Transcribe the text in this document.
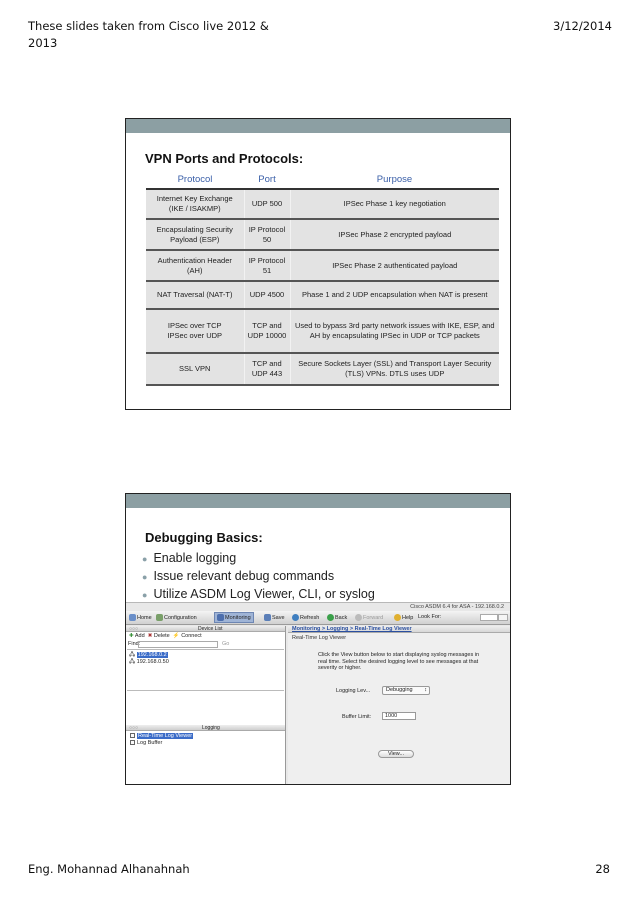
These slides taken from Cisco live 2012 & 2013
3/12/2014
VPN Ports and Protocols:
Protocol	Port	Purpose

Internet Key Exchange
(IKE / ISAKMP)	UDP 500	IPSec Phase 1 key negotiation

Encapsulating Security
Payload (ESP)	IP Protocol
50	IPSec Phase 2 encrypted payload

Authentication Header
(AH)	IP Protocol
51	IPSec Phase 2 authenticated payload

NAT Traversal (NAT-T)	UDP 4500	Phase 1 and 2 UDP encapsulation when NAT is present

IPSec over TCP
IPSec over UDP	TCP and
UDP 10000	Used to bypass 3rd party network issues with IKE, ESP, and
AH by encapsulating IPSec in UDP or TCP packets

SSL VPN	TCP and
UDP 443	Secure Sockets Layer (SSL) and Transport Layer Security
(TLS) VPNs. DTLS uses UDP
Debugging Basics:
● Enable logging
● Issue relevant debug commands
● Utilize ASDM Log Viewer, CLI, or syslog
Cisco ASDM 6.4 for ASA - 192.168.0.2
Home	Configuration	Monitoring	Save	Refresh	Back	Forward	Help Look For:
○○○	Device List
✚ Add ✖ Delete ⚡ Connect
Find:	Go
🖧 192.168.0.2
🖧 192.168.0.50
○○○	Logging
Real-Time Log Viewer
Log Buffer
Monitoring > Logging > Real-Time Log Viewer
Real-Time Log Viewer
Click the View button below to start displaying syslog messages in real time. Select the desired logging level to see messages at that severity or higher.
Logging Lev...	Debugging ↕
Buffer Limit:	1000
View...
Eng. Mohannad Alhanahnah	28
